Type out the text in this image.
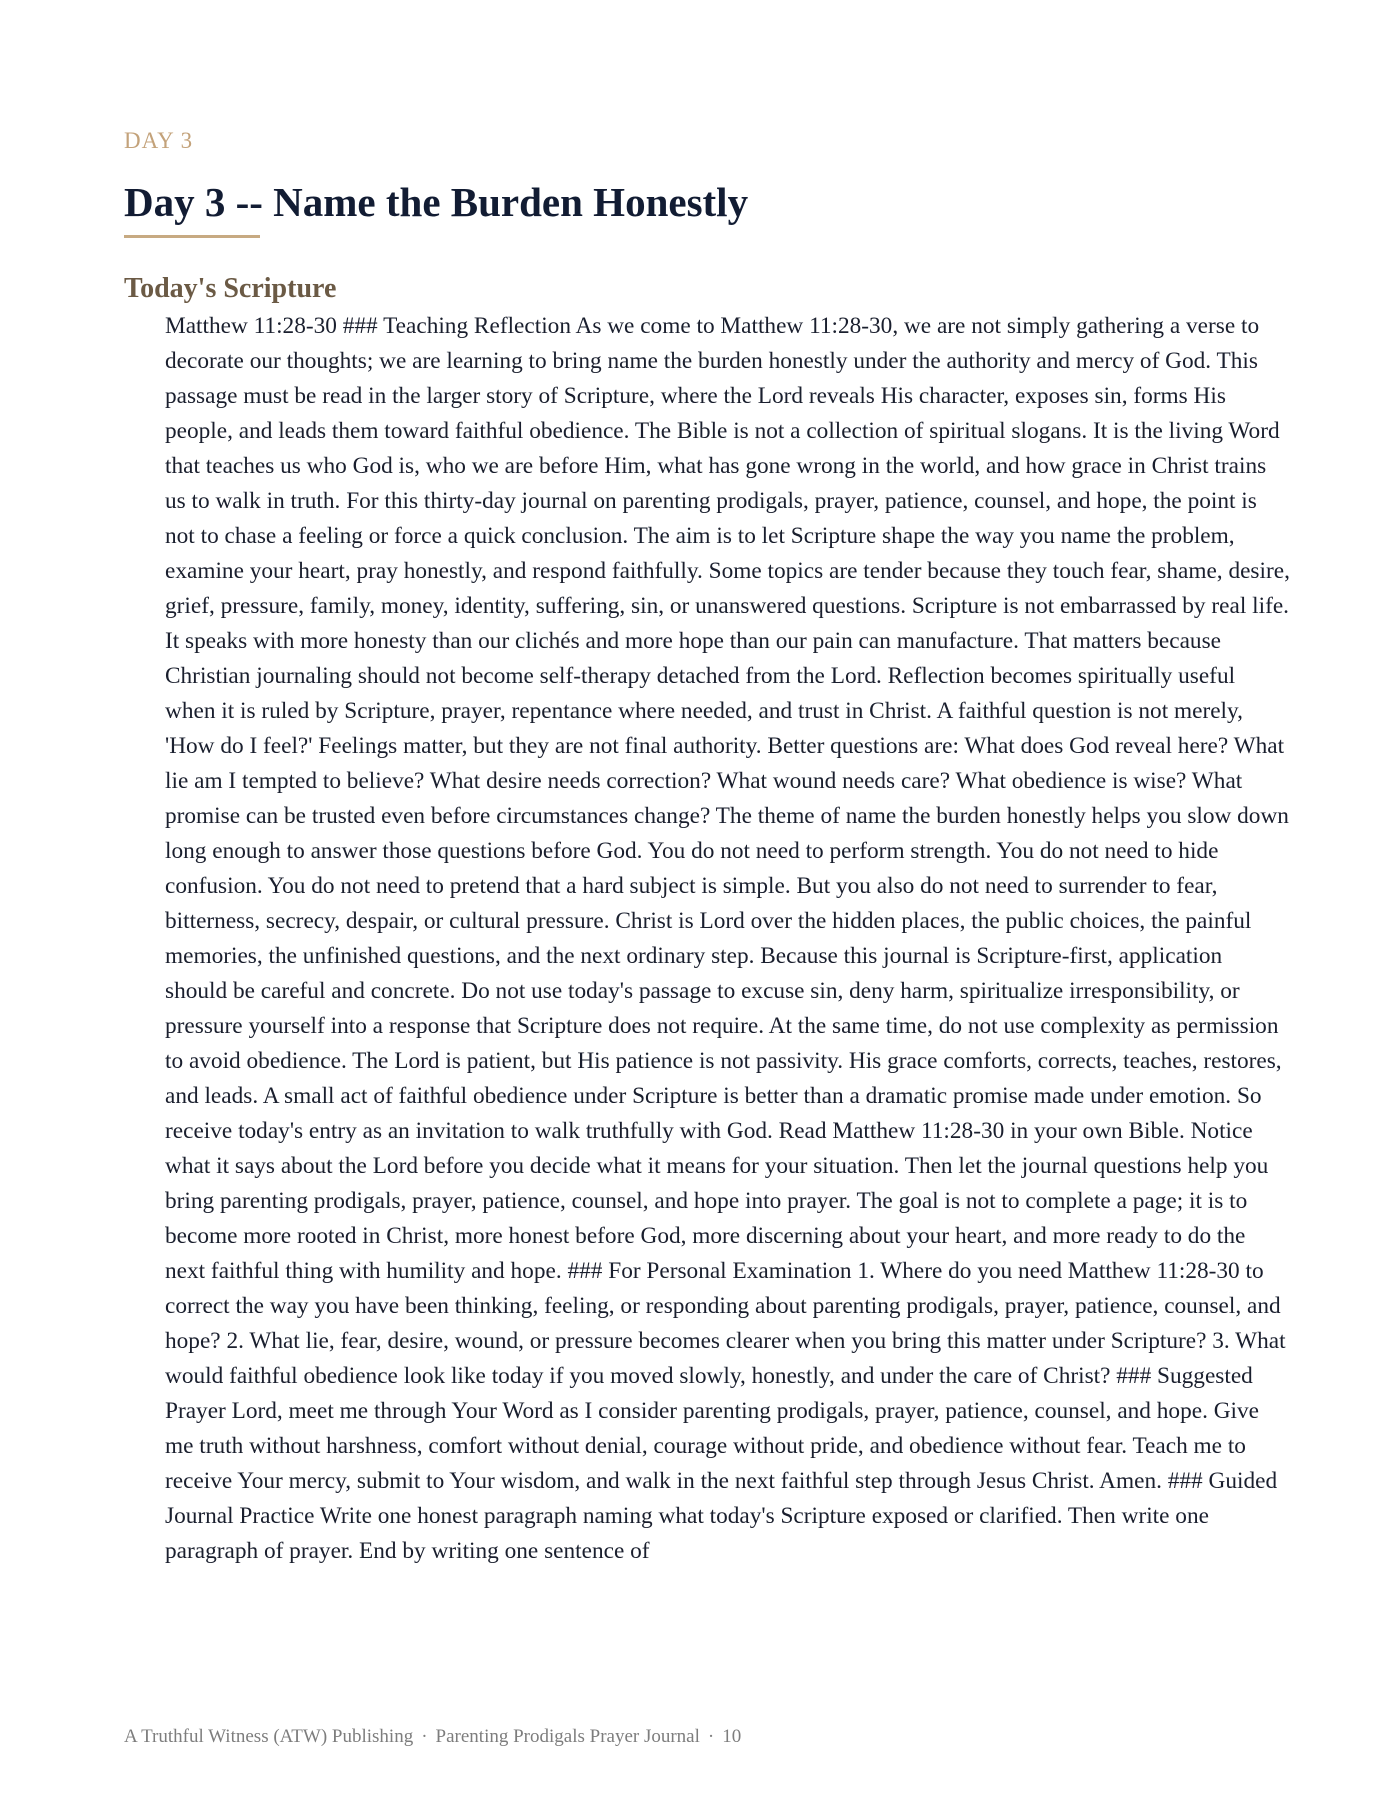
DAY 3
Day 3 -- Name the Burden Honestly
Today's Scripture

Matthew 11:28-30 ### Teaching Reflection As we come to Matthew 11:28-30, we are not simply gathering a verse to decorate our thoughts; we are learning to bring name the burden honestly under the authority and mercy of God. This passage must be read in the larger story of Scripture, where the Lord reveals His character, exposes sin, forms His people, and leads them toward faithful obedience. The Bible is not a collection of spiritual slogans. It is the living Word that teaches us who God is, who we are before Him, what has gone wrong in the world, and how grace in Christ trains us to walk in truth. For this thirty-day journal on parenting prodigals, prayer, patience, counsel, and hope, the point is not to chase a feeling or force a quick conclusion. The aim is to let Scripture shape the way you name the problem, examine your heart, pray honestly, and respond faithfully. Some topics are tender because they touch fear, shame, desire, grief, pressure, family, money, identity, suffering, sin, or unanswered questions. Scripture is not embarrassed by real life. It speaks with more honesty than our clichés and more hope than our pain can manufacture. That matters because Christian journaling should not become self-therapy detached from the Lord. Reflection becomes spiritually useful when it is ruled by Scripture, prayer, repentance where needed, and trust in Christ. A faithful question is not merely, 'How do I feel?' Feelings matter, but they are not final authority. Better questions are: What does God reveal here? What lie am I tempted to believe? What desire needs correction? What wound needs care? What obedience is wise? What promise can be trusted even before circumstances change? The theme of name the burden honestly helps you slow down long enough to answer those questions before God. You do not need to perform strength. You do not need to hide confusion. You do not need to pretend that a hard subject is simple. But you also do not need to surrender to fear, bitterness, secrecy, despair, or cultural pressure. Christ is Lord over the hidden places, the public choices, the painful memories, the unfinished questions, and the next ordinary step. Because this journal is Scripture-first, application should be careful and concrete. Do not use today's passage to excuse sin, deny harm, spiritualize irresponsibility, or pressure yourself into a response that Scripture does not require. At the same time, do not use complexity as permission to avoid obedience. The Lord is patient, but His patience is not passivity. His grace comforts, corrects, teaches, restores, and leads. A small act of faithful obedience under Scripture is better than a dramatic promise made under emotion. So receive today's entry as an invitation to walk truthfully with God. Read Matthew 11:28-30 in your own Bible. Notice what it says about the Lord before you decide what it means for your situation. Then let the journal questions help you bring parenting prodigals, prayer, patience, counsel, and hope into prayer. The goal is not to complete a page; it is to become more rooted in Christ, more honest before God, more discerning about your heart, and more ready to do the next faithful thing with humility and hope. ### For Personal Examination 1. Where do you need Matthew 11:28-30 to correct the way you have been thinking, feeling, or responding about parenting prodigals, prayer, patience, counsel, and hope? 2. What lie, fear, desire, wound, or pressure becomes clearer when you bring this matter under Scripture? 3. What would faithful obedience look like today if you moved slowly, honestly, and under the care of Christ? ### Suggested Prayer Lord, meet me through Your Word as I consider parenting prodigals, prayer, patience, counsel, and hope. Give me truth without harshness, comfort without denial, courage without pride, and obedience without fear. Teach me to receive Your mercy, submit to Your wisdom, and walk in the next faithful step through Jesus Christ. Amen. ### Guided Journal Practice Write one honest paragraph naming what today's Scripture exposed or clarified. Then write one paragraph of prayer. End by writing one sentence of

A Truthful Witness (ATW) Publishing · Parenting Prodigals Prayer Journal · 10
